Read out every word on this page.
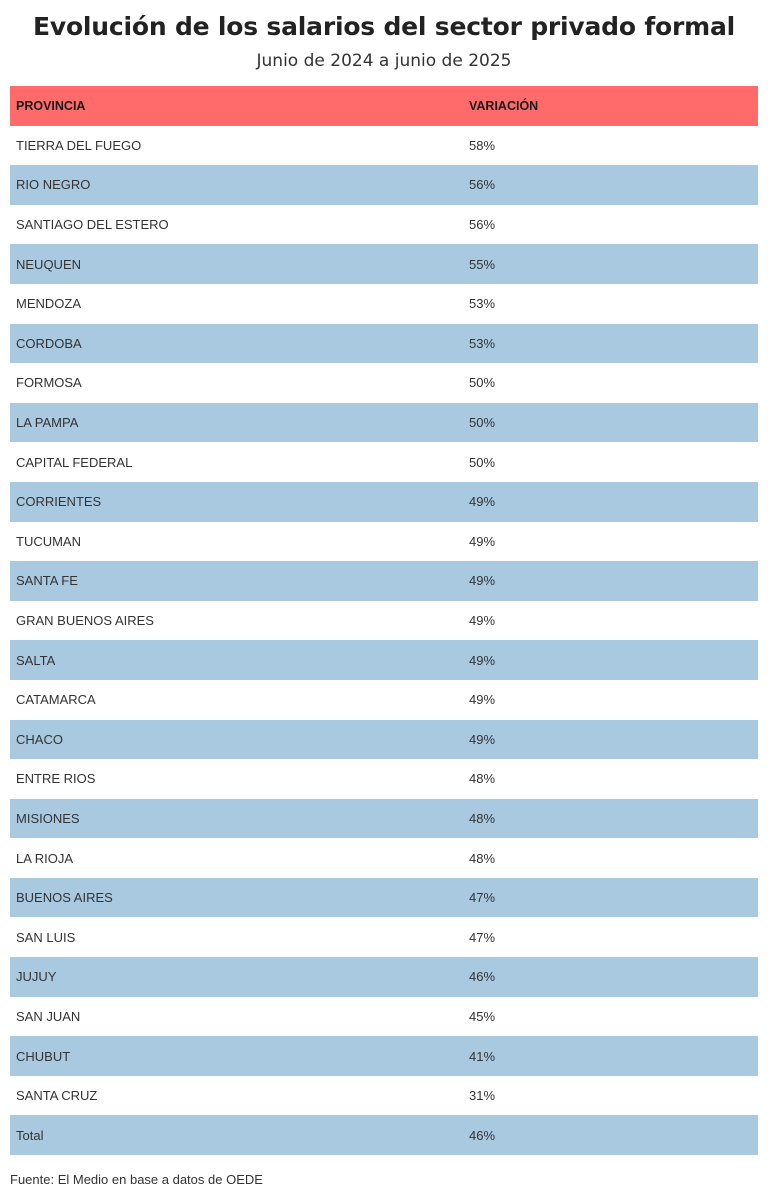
Evolución de los salarios del sector privado formal
Junio de 2024 a junio de 2025
PROVINCIA	VARIACIÓN
TIERRA DEL FUEGO	58%
RIO NEGRO	56%
SANTIAGO DEL ESTERO	56%
NEUQUEN	55%
MENDOZA	53%
CORDOBA	53%
FORMOSA	50%
LA PAMPA	50%
CAPITAL FEDERAL	50%
CORRIENTES	49%
TUCUMAN	49%
SANTA FE	49%
GRAN BUENOS AIRES	49%
SALTA	49%
CATAMARCA	49%
CHACO	49%
ENTRE RIOS	48%
MISIONES	48%
LA RIOJA	48%
BUENOS AIRES	47%
SAN LUIS	47%
JUJUY	46%
SAN JUAN	45%
CHUBUT	41%
SANTA CRUZ	31%
Total	46%
Fuente: El Medio en base a datos de OEDE
